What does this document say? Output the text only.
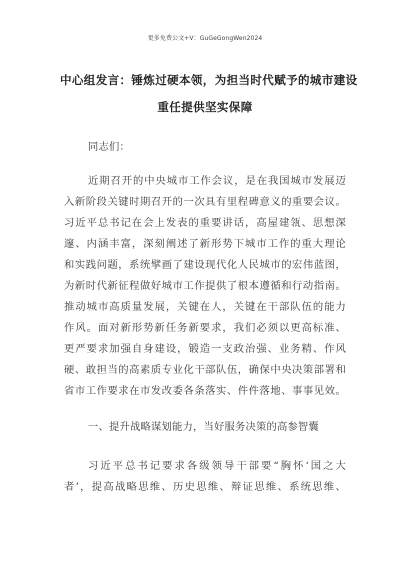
更多免费公文+V：GuGeGongWen2024
中心组发言：锤炼过硬本领，为担当时代赋予的城市建设
重任提供坚实保障
同志们：
近期召开的中央城市工作会议，是在我国城市发展迈
入新阶段关键时期召开的一次具有里程碑意义的重要会议。
习近平总书记在会上发表的重要讲话，高屋建瓴、思想深
邃、内涵丰富，深刻阐述了新形势下城市工作的重大理论
和实践问题，系统擘画了建设现代化人民城市的宏伟蓝图，
为新时代新征程做好城市工作提供了根本遵循和行动指南。
推动城市高质量发展，关键在人，关键在干部队伍的能力
作风。面对新形势新任务新要求，我们必须以更高标准、
更严要求加强自身建设，锻造一支政治强、业务精、作风
硬、敢担当的高素质专业化干部队伍，确保中央决策部署和
省市工作要求在市发改委各条落实、件件落地、事事见效。
一、提升战略谋划能力，当好服务决策的高参智囊
习近平总书记要求各级领导干部要“胸怀‘国之大
者’，提高战略思维、历史思维、辩证思维、系统思维、
